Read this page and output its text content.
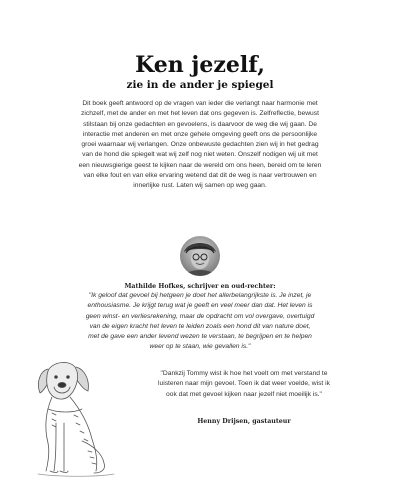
Ken jezelf,
zie in de ander je spiegel

Dit boek geeft antwoord op de vragen van ieder die verlangt naar harmonie met zichzelf, met de ander en met het leven dat ons gegeven is. Zelfreflectie, bewust stilstaan bij onze gedachten en gevoelens, is daarvoor de weg die wij gaan. De interactie met anderen en met onze gehele omgeving geeft ons de persoonlijke groei waarnaar wij verlangen. Onze onbewuste gedachten zien wij in het gedrag van de hond die spiegelt wat wij zelf nog niet weten. Onszelf nodigen wij uit met een nieuwsgierige geest te kijken naar de wereld om ons heen, bereid om te leren van elke fout en van elke ervaring wetend dat dit de weg is naar vertrouwen en innerlijke rust. Laten wij samen op weg gaan.

Mathilde Hofkes, schrijver en oud-rechter:

"Ik geloof dat gevoel bij hetgeen je doet het allerbelangrijkste is. Je inzet, je enthousiasme. Je krijgt terug wat je geeft en veel meer dan dat. Het leven is geen winst- en verliesrekening, maar de opdracht om vol overgave, overtuigd van de eigen kracht het leven te leiden zoals een hond dit van nature doet, met de gave een ander levend wezen te verstaan, te begrijpen en te helpen weer op te staan, wie gevallen is."

"Dankzij Tommy wist ik hoe het voelt om met verstand te luisteren naar mijn gevoel. Toen ik dat weer voelde, wist ik ook dat met gevoel kijken naar jezelf niet moeilijk is."

Henny Drijsen, gastauteur
